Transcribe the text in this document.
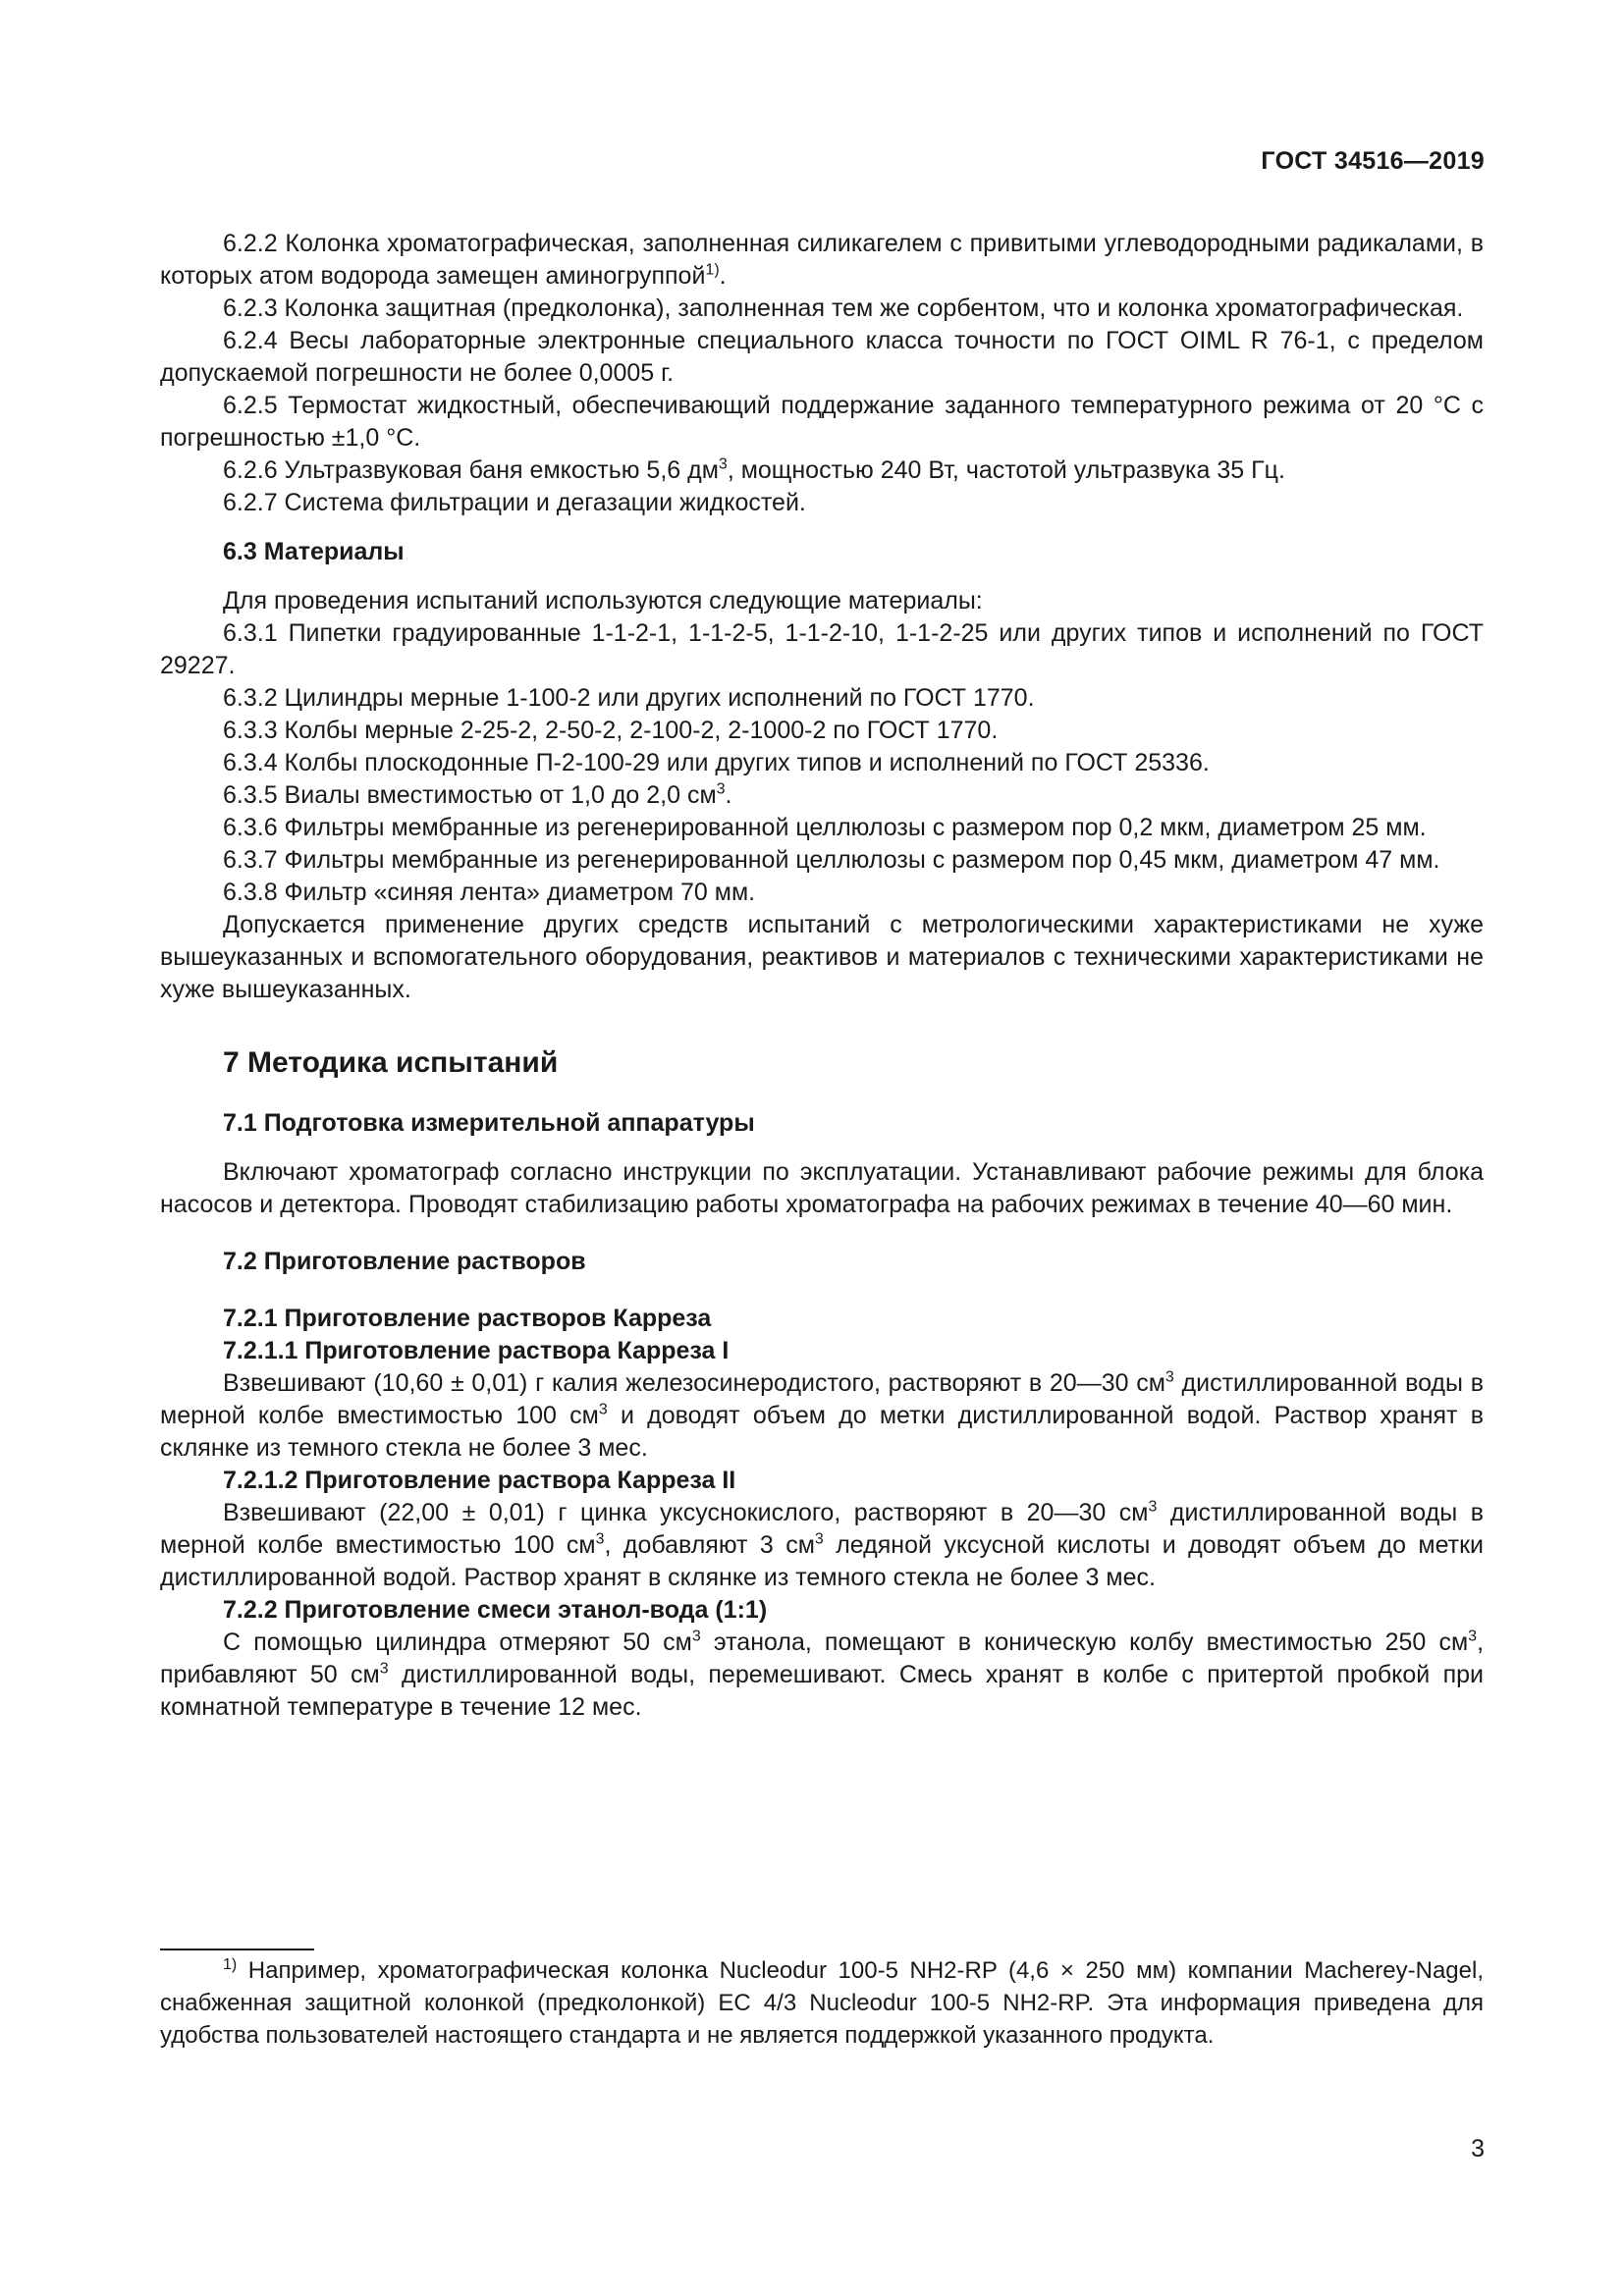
ГОСТ 34516—2019

6.2.2 Колонка хроматографическая, заполненная силикагелем с привитыми углеводородными радикалами, в которых атом водорода замещен аминогруппой$^{1)}$.

6.2.3 Колонка защитная (предколонка), заполненная тем же сорбентом, что и колонка хроматографическая.

6.2.4 Весы лабораторные электронные специального класса точности по ГОСТ OIML R 76-1, с пределом допускаемой погрешности не более 0,0005 г.

6.2.5 Термостат жидкостный, обеспечивающий поддержание заданного температурного режима от 20 °С с погрешностью ±1,0 °С.

6.2.6 Ультразвуковая баня емкостью 5,6 $дм^3$, мощностью 240 Вт, частотой ультразвука 35 Гц.

6.2.7 Система фильтрации и дегазации жидкостей.

6.3 Материалы

Для проведения испытаний используются следующие материалы:

6.3.1 Пипетки градуированные 1-1-2-1, 1-1-2-5, 1-1-2-10, 1-1-2-25 или других типов и исполнений по ГОСТ 29227.

6.3.2 Цилиндры мерные 1-100-2 или других исполнений по ГОСТ 1770.

6.3.3 Колбы мерные 2-25-2, 2-50-2, 2-100-2, 2-1000-2 по ГОСТ 1770.

6.3.4 Колбы плоскодонные П-2-100-29 или других типов и исполнений по ГОСТ 25336.

6.3.5 Виалы вместимостью от 1,0 до 2,0 $см^3$.

6.3.6 Фильтры мембранные из регенерированной целлюлозы с размером пор 0,2 мкм, диаметром 25 мм.

6.3.7 Фильтры мембранные из регенерированной целлюлозы с размером пор 0,45 мкм, диаметром 47 мм.

6.3.8 Фильтр «синяя лента» диаметром 70 мм.

Допускается применение других средств испытаний с метрологическими характеристиками не хуже вышеуказанных и вспомогательного оборудования, реактивов и материалов с техническими характеристиками не хуже вышеуказанных.

7 Методика испытаний
7.1 Подготовка измерительной аппаратуры

Включают хроматограф согласно инструкции по эксплуатации. Устанавливают рабочие режимы для блока насосов и детектора. Проводят стабилизацию работы хроматографа на рабочих режимах в течение 40—60 мин.

7.2 Приготовление растворов
7.2.1 Приготовление растворов Карреза
7.2.1.1 Приготовление раствора Карреза I

Взвешивают (10,60 ± 0,01) г калия железосинеродистого, растворяют в 20—30 $см^3$ дистиллированной воды в мерной колбе вместимостью 100 $см^3$ и доводят объем до метки дистиллированной водой. Раствор хранят в склянке из темного стекла не более 3 мес.

7.2.1.2 Приготовление раствора Карреза II

Взвешивают (22,00 ± 0,01) г цинка уксуснокислого, растворяют в 20—30 $см^3$ дистиллированной воды в мерной колбе вместимостью 100 $см^3$, добавляют 3 $см^3$ ледяной уксусной кислоты и доводят объем до метки дистиллированной водой. Раствор хранят в склянке из темного стекла не более 3 мес.

7.2.2 Приготовление смеси этанол-вода (1:1)

С помощью цилиндра отмеряют 50 $см^3$ этанола, помещают в коническую колбу вместимостью 250 $см^3$, прибавляют 50 $см^3$ дистиллированной воды, перемешивают. Смесь хранят в колбе с притертой пробкой при комнатной температуре в течение 12 мес.

$^{1)}$ Например, хроматографическая колонка Nucleodur 100-5 NH2-RP (4,6 × 250 мм) компании Macherey-Nagel, снабженная защитной колонкой (предколонкой) EC 4/3 Nucleodur 100-5 NH2-RP. Эта информация приведена для удобства пользователей настоящего стандарта и не является поддержкой указанного продукта.

3
